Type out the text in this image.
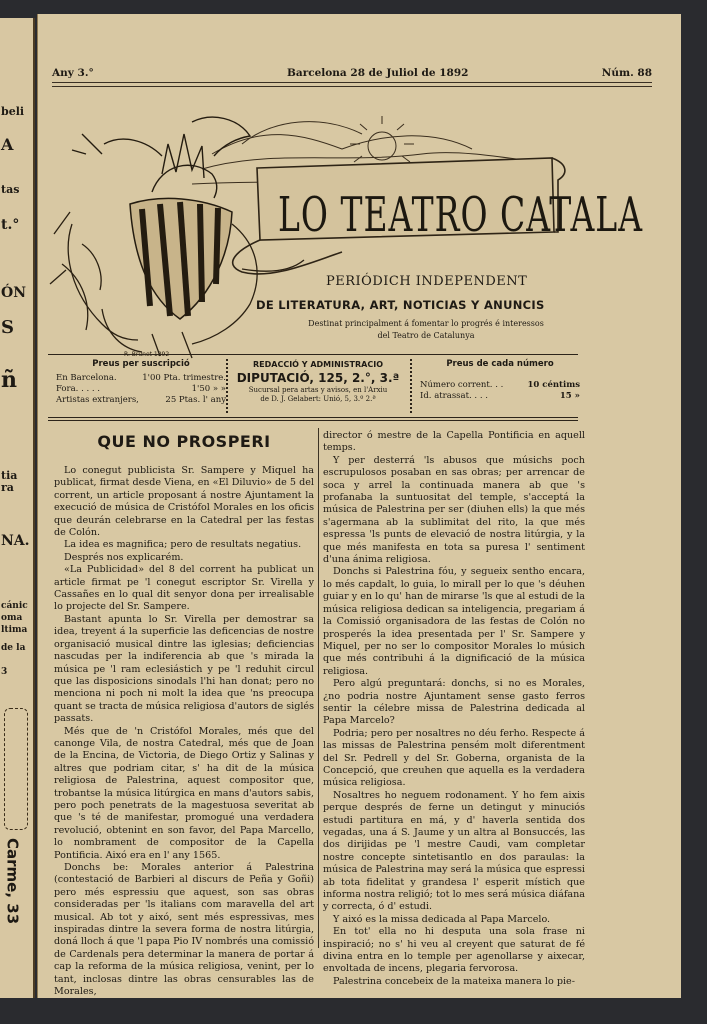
beli
A
tas
t.°
ÓN
S
ñ
tia
ra
NA.
cánic
oma
ltima
de la
3
Carme, 33
Any 3.°	Barcelona 28 de Juliol de 1892	Núm. 88
R. Brunet 1892
LO TEATRO CATALA
PERIÓDICH INDEPENDENT
DE LITERATURA, ART, NOTICIAS Y ANUNCIS
Destinat principalment á fomentar lo progrés é interessos
del Teatro de Catalunya
Preus per suscripció
En Barcelona.	1'00 Pta. trimestre.
Fora. . . . .	1'50 » »
Artistas extranjers,	25 Ptas. l' any
REDACCIÓ Y ADMINISTRACIO
DIPUTACIÓ, 125, 2.°, 3.ª
Sucursal pera artas y avisos, en l'Arxiu
de D. J. Gelabert: Unió, 5, 3.º 2.ª
Preus de cada número
Número corrent. . .	10 céntims
Id. atrassat. . . .	15 »
QUE NO PROSPERI

Lo conegut publicista Sr. Sampere y Miquel ha publicat, firmat desde Viena, en «El Diluvio» de 5 del corrent, un article proposant á nostre Ajuntament la execució de música de Cristófol Morales en los oficis que deurán celebrarse en la Catedral per las festas de Colón.

La idea es magnifica; pero de resultats negatius.

Després nos explicarém.

«La Publicidad» del 8 del corrent ha publicat un article firmat pe 'l conegut escriptor Sr. Virella y Cassañes en lo qual dit senyor dona per irrealisable lo projecte del Sr. Sampere.

Bastant apunta lo Sr. Virella per demostrar sa idea, treyent á la superficie las deficencias de nostre organisació musical dintre las iglesias; deficiencias nascudas per la indiferencia ab que 's mirada la música pe 'l ram eclesiástich y pe 'l reduhit circul que las disposicions sinodals l'hi han donat; pero no menciona ni poch ni molt la idea que 'ns preocupa quant se tracta de música religiosa d'autors de siglés passats.

Més que de 'n Cristófol Morales, més que del canonge Vila, de nostra Catedral, més que de Joan de la Encina, de Victoria, de Diego Ortiz y Salinas y altres que podriam citar, s' ha dit de la música religiosa de Palestrina, aquest compositor que, trobantse la música litúrgica en mans d'autors sabis, pero poch penetrats de la magestuosa severitat ab que 's té de manifestar, promogué una verdadera revolució, obtenint en son favor, del Papa Marcello, lo nombrament de compositor de la Capella Pontificia. Aixó era en l' any 1565.

Donchs be: Morales anterior á Palestrina (contestació de Barbieri al discurs de Peña y Goñi) pero més espressiu que aquest, son sas obras consideradas per 'ls italians com maravella del art musical. Ab tot y aixó, sent més espressivas, mes inspiradas dintre la severa forma de nostra litúrgia, doná lloch á que 'l papa Pio IV nombrés una comissió de Cardenals pera determinar la manera de portar á cap la reforma de la música religiosa, venint, per lo tant, inclosas dintre las obras censurables las de Morales,

director ó mestre de la Capella Pontificia en aquell temps.

Y per desterrá 'ls abusos que músichs poch escrupulosos posaban en sas obras; per arrencar de soca y arrel la continuada manera ab que 's profanaba la suntuositat del temple, s'acceptá la música de Palestrina per ser (diuhen ells) la que més s'agermana ab la sublimitat del rito, la que més espressa 'ls punts de elevació de nostra litúrgia, y la que més manifesta en tota sa puresa l' sentiment d'una ánima religiosa.

Donchs si Palestrina fóu, y segueix sentho encara, lo més capdalt, lo guia, lo mirall per lo que 's déuhen guiar y en lo qu' han de mirarse 'ls que al estudi de la música religiosa dedican sa inteligencia, pregariam á la Comissió organisadora de las festas de Colón no prosperés la idea presentada per l' Sr. Sampere y Miquel, per no ser lo compositor Morales lo músich que més contribuhi á la dignificació de la música religiosa.

Pero algú preguntará: donchs, si no es Morales, ¿no podria nostre Ajuntament sense gasto ferros sentir la célebre missa de Palestrina dedicada al Papa Marcelo?

Podria; pero per nosaltres no déu ferho. Respecte á las missas de Palestrina pensém molt diferentment del Sr. Pedrell y del Sr. Goberna, organista de la Concepció, que creuhen que aquella es la verdadera música religiosa.

Nosaltres ho neguem rodonament. Y ho fem aixis perque després de ferne un detingut y minuciós estudi partitura en má, y d' haverla sentida dos vegadas, una á S. Jaume y un altra al Bonsuccés, las dos dirijidas pe 'l mestre Caudi, vam completar nostre concepte sintetisantlo en dos paraulas: la música de Palestrina may será la música que espressi ab tota fidelitat y grandesa l' esperit místich que informa nostra religió; tot lo mes será música diáfana y correcta, ó d' estudi.

Y aixó es la missa dedicada al Papa Marcelo.

En tot' ella no hi desputa una sola frase ni inspiració; no s' hi veu al creyent que saturat de fé divina entra en lo temple per agenollarse y aixecar, envoltada de incens, plegaria fervorosa.

Palestrina concebeix de la mateixa manera lo pie-
